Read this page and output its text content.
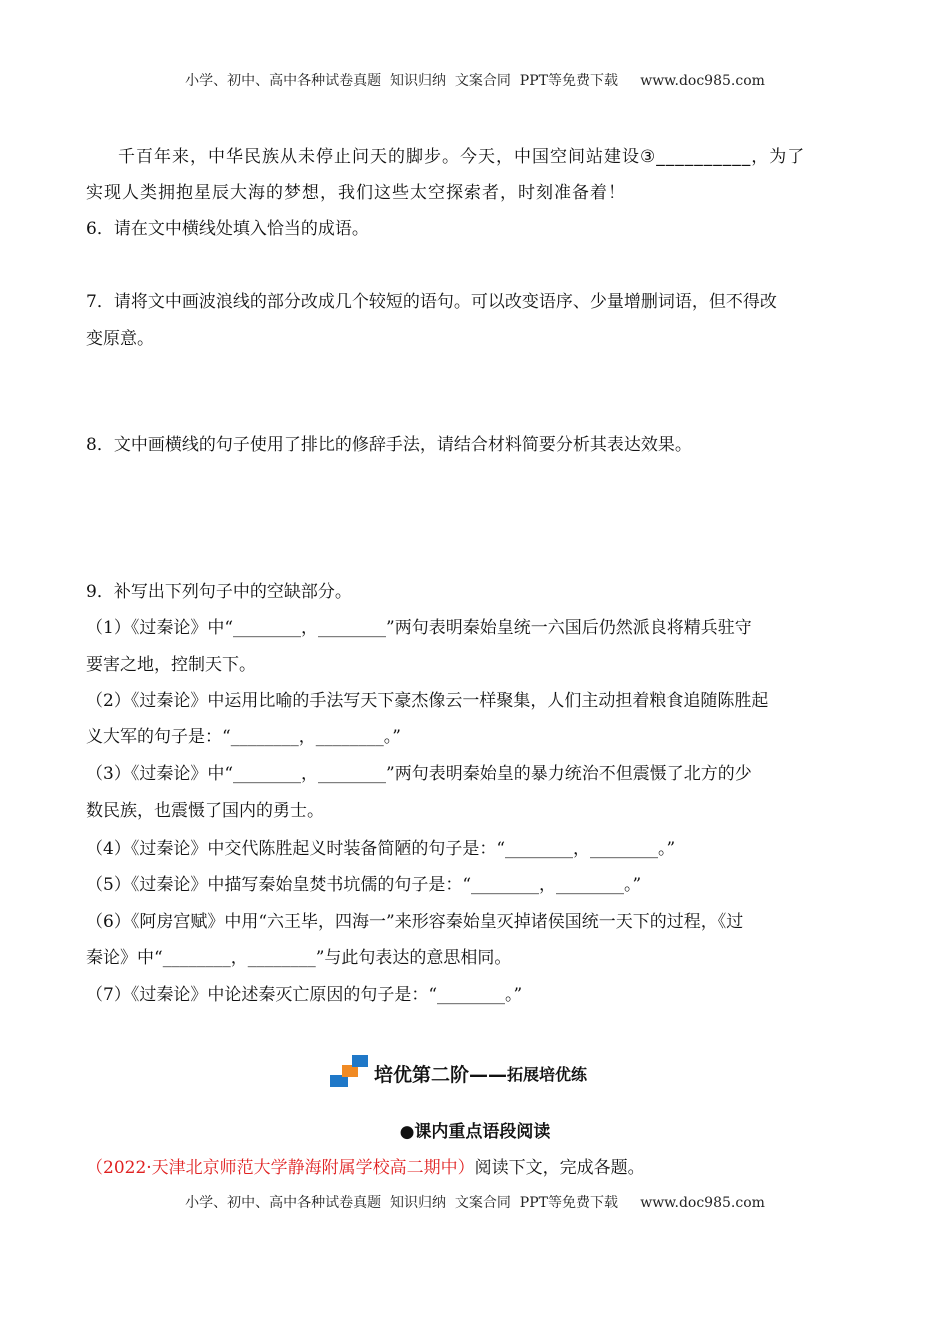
小学、初中、高中各种试卷真题  知识归纳  文案合同  PPT等免费下载     www.doc985.com
千百年来，中华民族从未停止问天的脚步。今天，中国空间站建设③__________，为了
实现人类拥抱星辰大海的梦想，我们这些太空探索者，时刻准备着！
6．请在文中横线处填入恰当的成语。
7．请将文中画波浪线的部分改成几个较短的语句。可以改变语序、少量增删词语，但不得改
变原意。
8．文中画横线的句子使用了排比的修辞手法，请结合材料简要分析其表达效果。
9．补写出下列句子中的空缺部分。
（1）《过秦论》中“________，________”两句表明秦始皇统一六国后仍然派良将精兵驻守
要害之地，控制天下。
（2）《过秦论》中运用比喻的手法写天下豪杰像云一样聚集，人们主动担着粮食追随陈胜起
义大军的句子是：“________，________。”
（3）《过秦论》中“________，________”两句表明秦始皇的暴力统治不但震慑了北方的少
数民族，也震慑了国内的勇士。
（4）《过秦论》中交代陈胜起义时装备简陋的句子是：“________，________。”
（5）《过秦论》中描写秦始皇焚书坑儒的句子是：“________，________。”
（6）《阿房宫赋》中用“六王毕，四海一”来形容秦始皇灭掉诸侯国统一天下的过程，《过
秦论》中“________，________”与此句表达的意思相同。
（7）《过秦论》中论述秦灭亡原因的句子是：“________。”
培优第二阶—— 拓展培优练
●课内重点语段阅读
（2022·天津北京师范大学静海附属学校高二期中）阅读下文，完成各题。
小学、初中、高中各种试卷真题  知识归纳  文案合同  PPT等免费下载     www.doc985.com
